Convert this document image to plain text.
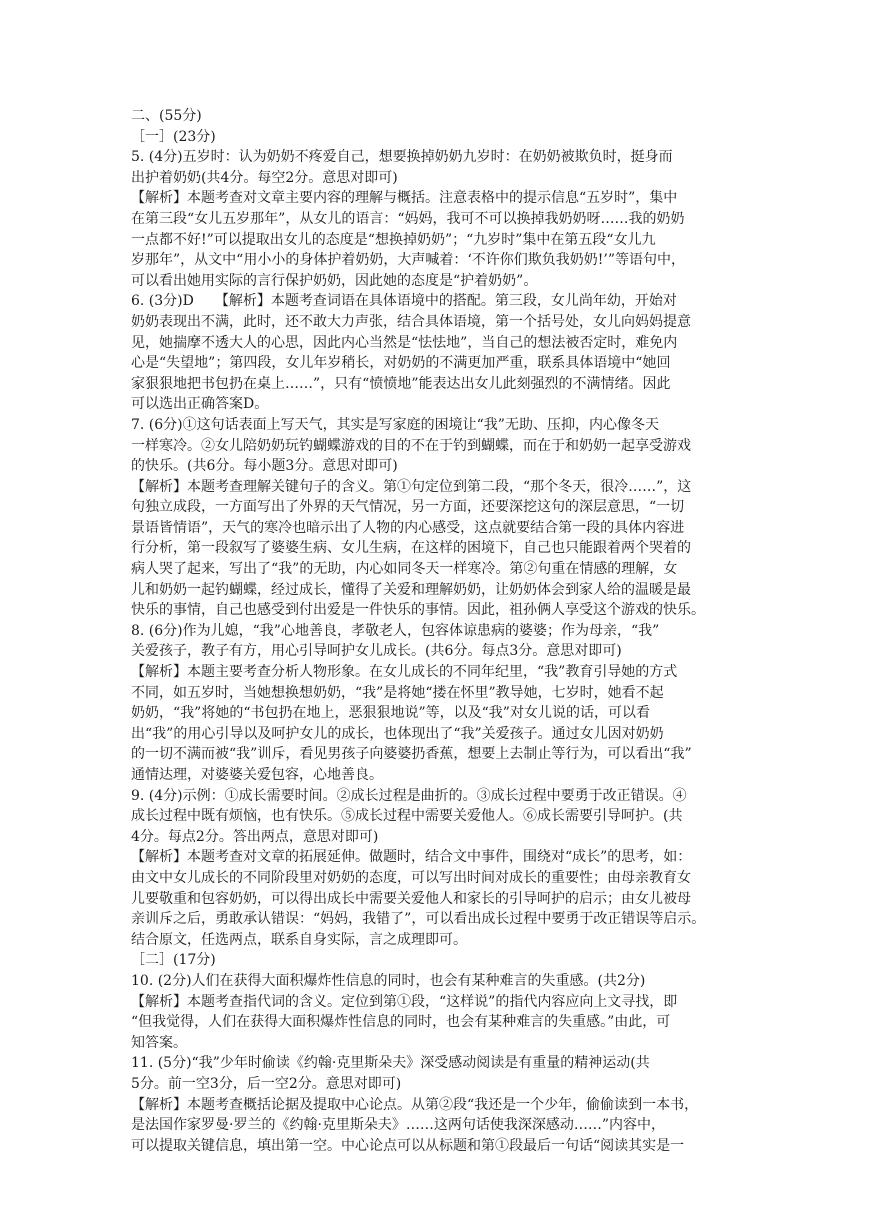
二、(55分)
［一］(23分)
5. (4分)五岁时：认为奶奶不疼爱自己，想要换掉奶奶九岁时：在奶奶被欺负时，挺身而
出护着奶奶(共4分。每空2分。意思对即可)
【解析】本题考查对文章主要内容的理解与概括。注意表格中的提示信息“五岁时”，集中
在第三段“女儿五岁那年”，从女儿的语言：“妈妈，我可不可以换掉我奶奶呀……我的奶奶
一点都不好!”可以提取出女儿的态度是“想换掉奶奶”；“九岁时”集中在第五段“女儿九
岁那年”，从文中“用小小的身体护着奶奶，大声喊着：‘不许你们欺负我奶奶!’”等语句中，
可以看出她用实际的言行保护奶奶，因此她的态度是“护着奶奶”。
6. (3分)D　　【解析】本题考查词语在具体语境中的搭配。第三段，女儿尚年幼，开始对
奶奶表现出不满，此时，还不敢大力声张，结合具体语境，第一个括号处，女儿向妈妈提意
见，她揣摩不透大人的心思，因此内心当然是“怯怯地”，当自己的想法被否定时，难免内
心是“失望地”；第四段，女儿年岁稍长，对奶奶的不满更加严重，联系具体语境中“她回
家狠狠地把书包扔在桌上……”，只有“愤愤地”能表达出女儿此刻强烈的不满情绪。因此
可以选出正确答案D。
7. (6分)①这句话表面上写天气，其实是写家庭的困境让“我”无助、压抑，内心像冬天
一样寒冷。②女儿陪奶奶玩钓蝴蝶游戏的目的不在于钓到蝴蝶，而在于和奶奶一起享受游戏
的快乐。(共6分。每小题3分。意思对即可)
【解析】本题考查理解关键句子的含义。第①句定位到第二段，“那个冬天，很冷……”，这
句独立成段，一方面写出了外界的天气情况，另一方面，还要深挖这句的深层意思，“一切
景语皆情语”，天气的寒冷也暗示出了人物的内心感受，这点就要结合第一段的具体内容进
行分析，第一段叙写了婆婆生病、女儿生病，在这样的困境下，自己也只能跟着两个哭着的
病人哭了起来，写出了“我”的无助，内心如同冬天一样寒冷。第②句重在情感的理解，女
儿和奶奶一起钓蝴蝶，经过成长，懂得了关爱和理解奶奶，让奶奶体会到家人给的温暖是最
快乐的事情，自己也感受到付出爱是一件快乐的事情。因此，祖孙俩人享受这个游戏的快乐。
8. (6分)作为儿媳，“我”心地善良，孝敬老人，包容体谅患病的婆婆；作为母亲，“我”
关爱孩子，教子有方，用心引导呵护女儿成长。(共6分。每点3分。意思对即可)
【解析】本题主要考查分析人物形象。在女儿成长的不同年纪里，“我”教育引导她的方式
不同，如五岁时，当她想换想奶奶，“我”是将她“搂在怀里”教导她，七岁时，她看不起
奶奶，“我”将她的“书包扔在地上，恶狠狠地说”等，以及“我”对女儿说的话，可以看
出“我”的用心引导以及呵护女儿的成长，也体现出了“我”关爱孩子。通过女儿因对奶奶
的一切不满而被“我”训斥，看见男孩子向婆婆扔香蕉，想要上去制止等行为，可以看出“我”
通情达理，对婆婆关爱包容，心地善良。
9. (4分)示例：①成长需要时间。②成长过程是曲折的。③成长过程中要勇于改正错误。④
成长过程中既有烦恼，也有快乐。⑤成长过程中需要关爱他人。⑥成长需要引导呵护。(共
4分。每点2分。答出两点，意思对即可)
【解析】本题考查对文章的拓展延伸。做题时，结合文中事件，围绕对“成长”的思考，如：
由文中女儿成长的不同阶段里对奶奶的态度，可以写出时间对成长的重要性；由母亲教育女
儿要敬重和包容奶奶，可以得出成长中需要关爱他人和家长的引导呵护的启示；由女儿被母
亲训斥之后，勇敢承认错误：“妈妈，我错了”，可以看出成长过程中要勇于改正错误等启示。
结合原文，任选两点，联系自身实际，言之成理即可。
［二］(17分)
10. (2分)人们在获得大面积爆炸性信息的同时，也会有某种难言的失重感。(共2分)
【解析】本题考查指代词的含义。定位到第①段，“这样说”的指代内容应向上文寻找，即
“但我觉得，人们在获得大面积爆炸性信息的同时，也会有某种难言的失重感。”由此，可
知答案。
11. (5分)“我”少年时偷读《约翰·克里斯朵夫》深受感动阅读是有重量的精神运动(共
5分。前一空3分，后一空2分。意思对即可)
【解析】本题考查概括论据及提取中心论点。从第②段“我还是一个少年，偷偷读到一本书，
是法国作家罗曼·罗兰的《约翰·克里斯朵夫》……这两句话使我深深感动……”内容中，
可以提取关键信息，填出第一空。中心论点可以从标题和第①段最后一句话“阅读其实是一
